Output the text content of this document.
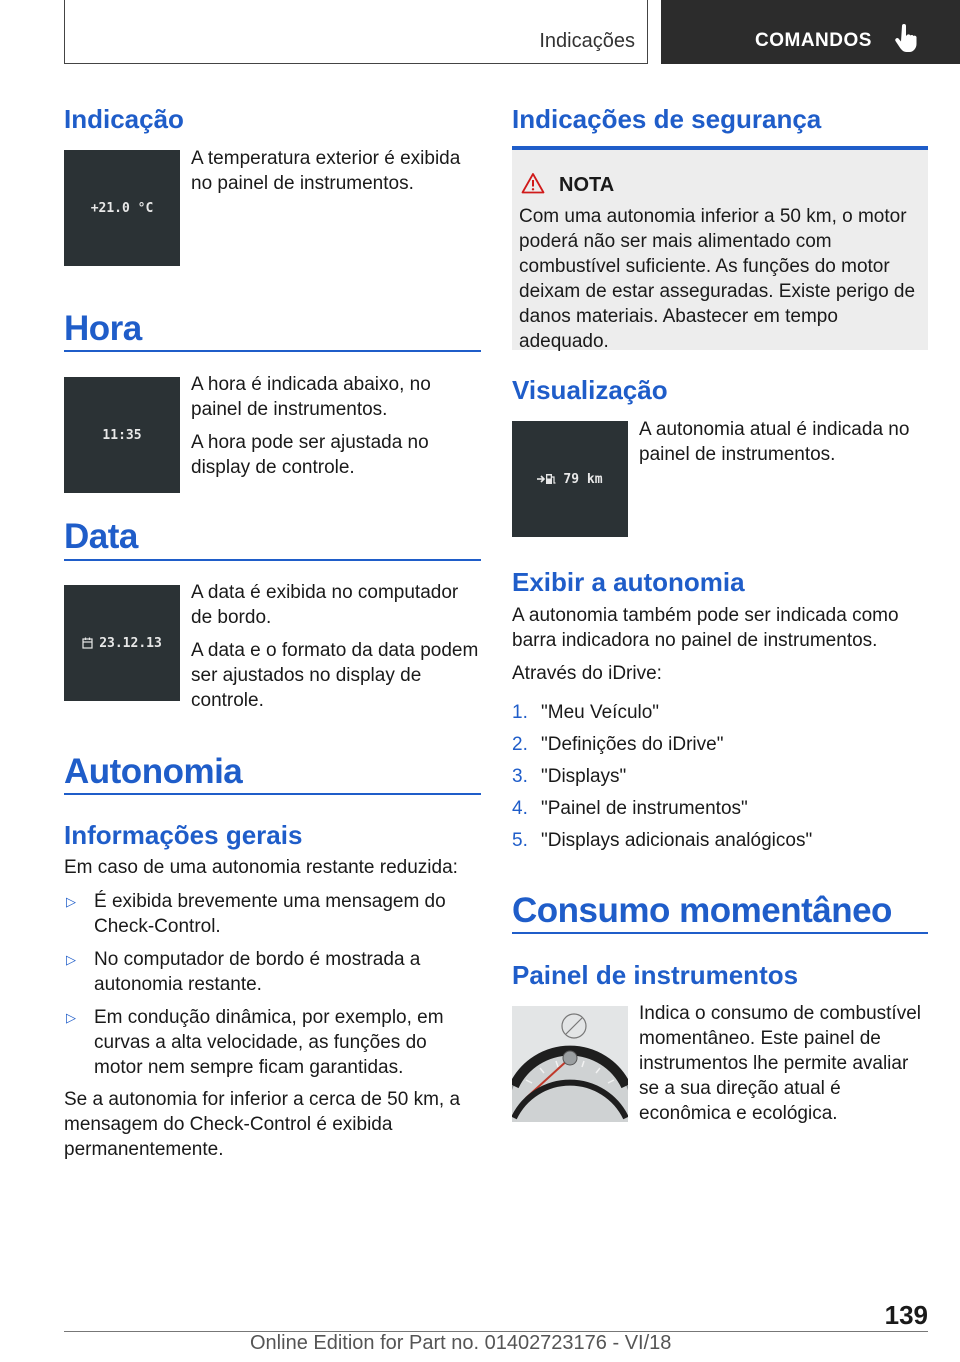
Indicações	COMANDOS
Indicação
+21.0 °C
A temperatura exterior é exibida no painel de instrumentos.
Hora
11:35
A hora é indicada abaixo, no painel de instrumentos.
A hora pode ser ajustada no display de controle.
Data
23.12.13
A data é exibida no computador de bordo.
A data e o formato da data podem ser ajustados no display de controle.
Autonomia
Informações gerais
Em caso de uma autonomia restante reduzida:
▷ É exibida brevemente uma mensagem do Check-Control.
▷ No computador de bordo é mostrada a autonomia restante.
▷ Em condução dinâmica, por exemplo, em curvas a alta velocidade, as funções do motor nem sempre ficam garantidas.
Se a autonomia for inferior a cerca de 50 km, a mensagem do Check-Control é exibida permanentemente.
Indicações de segurança
NOTA
Com uma autonomia inferior a 50 km, o motor poderá não ser mais alimentado com combustível suficiente. As funções do motor deixam de estar asseguradas. Existe perigo de danos materiais. Abastecer em tempo adequado.
Visualização
79 km
A autonomia atual é indicada no painel de instrumentos.
Exibir a autonomia
A autonomia também pode ser indicada como barra indicadora no painel de instrumentos.
Através do iDrive:
1. "Meu Veículo"
2. "Definições do iDrive"
3. "Displays"
4. "Painel de instrumentos"
5. "Displays adicionais analógicos"
Consumo momentâneo
Painel de instrumentos
Indica o consumo de combustível momentâneo. Este painel de instrumentos lhe permite avaliar se a sua direção atual é econômica e ecológica.
139
Online Edition for Part no. 01402723176 - VI/18
